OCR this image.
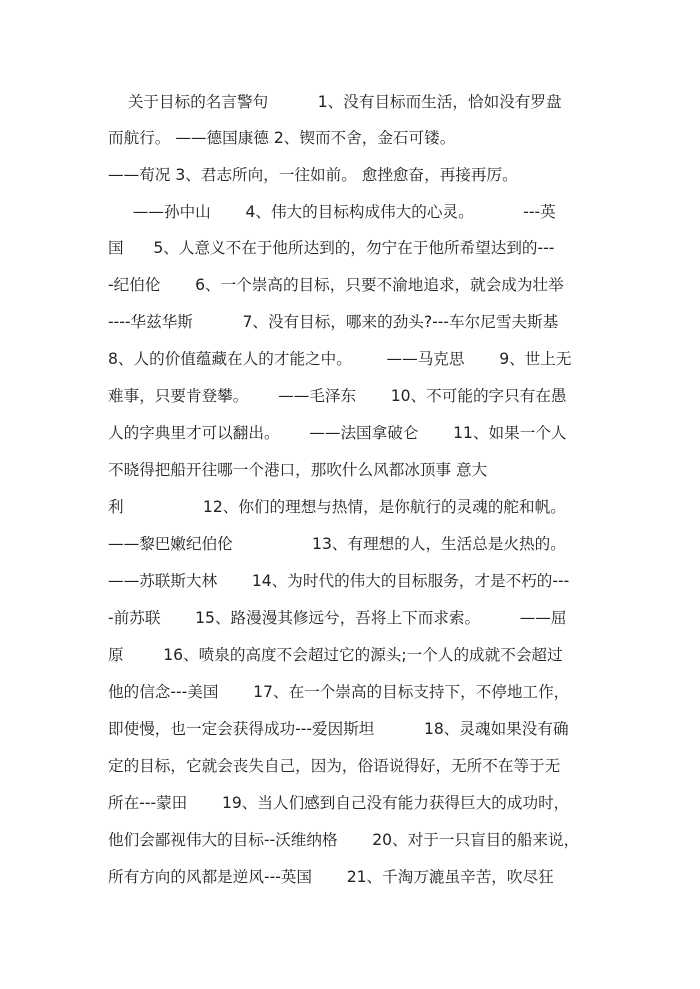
关于目标的名言警句          1、没有目标而生活，恰如没有罗盘
而航行。 ——德国康德 2、锲而不舍，金石可镂。
——荀况 3、君志所向，一往如前。 愈挫愈奋，再接再厉。
——孙中山       4、伟大的目标构成伟大的心灵。          ---英
国      5、人意义不在于他所达到的，勿宁在于他所希望达到的---
-纪伯伦       6、一个崇高的目标，只要不渝地追求，就会成为壮举
----华兹华斯          7、没有目标，哪来的劲头?---车尔尼雪夫斯基
8、人的价值蕴藏在人的才能之中。       ——马克思       9、世上无
难事，只要肯登攀。      ——毛泽东       10、不可能的字只有在愚
人的字典里才可以翻出。      ——法国拿破仑       11、如果一个人
不晓得把船开往哪一个港口，那吹什么风都冰顶事 意大
利                12、你们的理想与热情，是你航行的灵魂的舵和帆。
——黎巴嫩纪伯伦                13、有理想的人，生活总是火热的。
——苏联斯大林       14、为时代的伟大的目标服务，才是不朽的---
-前苏联       15、路漫漫其修远兮，吾将上下而求索。        ——屈
原        16、喷泉的高度不会超过它的源头;一个人的成就不会超过
他的信念---美国       17、在一个崇高的目标支持下，不停地工作，
即使慢，也一定会获得成功---爱因斯坦          18、灵魂如果没有确
定的目标，它就会丧失自己，因为，俗语说得好，无所不在等于无
所在---蒙田       19、当人们感到自己没有能力获得巨大的成功时，
他们会鄙视伟大的目标--沃维纳格       20、对于一只盲目的船来说，
所有方向的风都是逆风---英国       21、千淘万漉虽辛苦，吹尽狂
